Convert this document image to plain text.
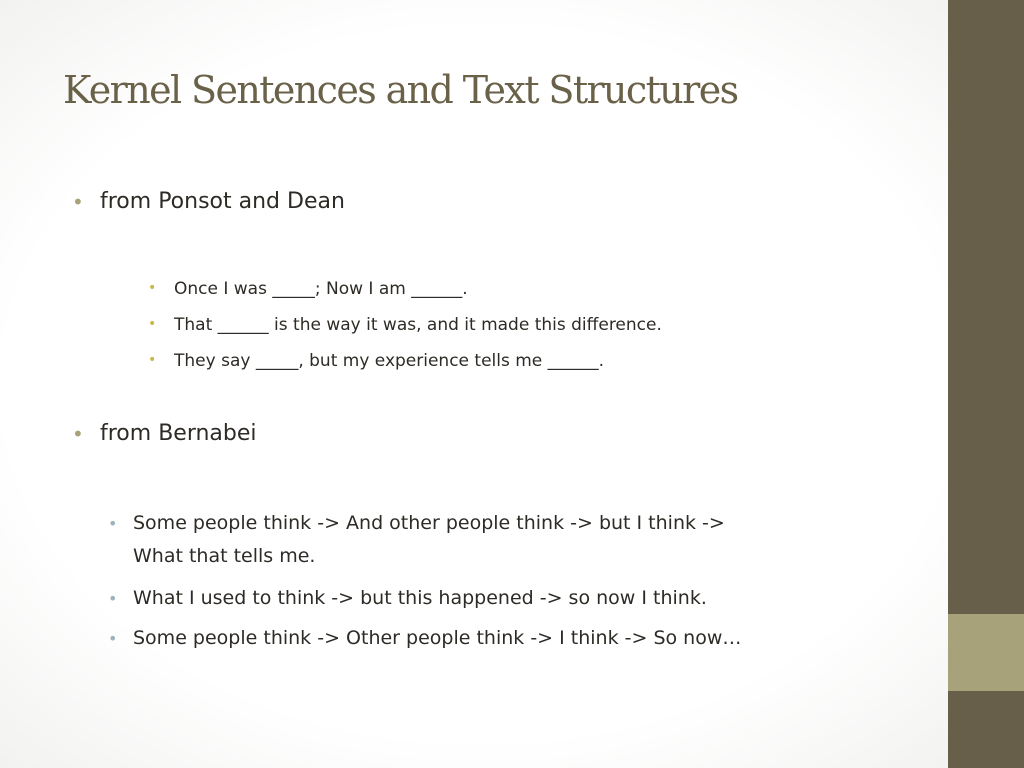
Kernel Sentences and Text Structures
• from Ponsot and Dean
• Once I was _____; Now I am ______.
• That ______ is the way it was, and it made this difference.
• They say _____, but my experience tells me ______.
• from Bernabei
• Some people think -> And other people think -> but I think ->
What that tells me.
• What I used to think -> but this happened -> so now I think.
• Some people think -> Other people think -> I think -> So now…
